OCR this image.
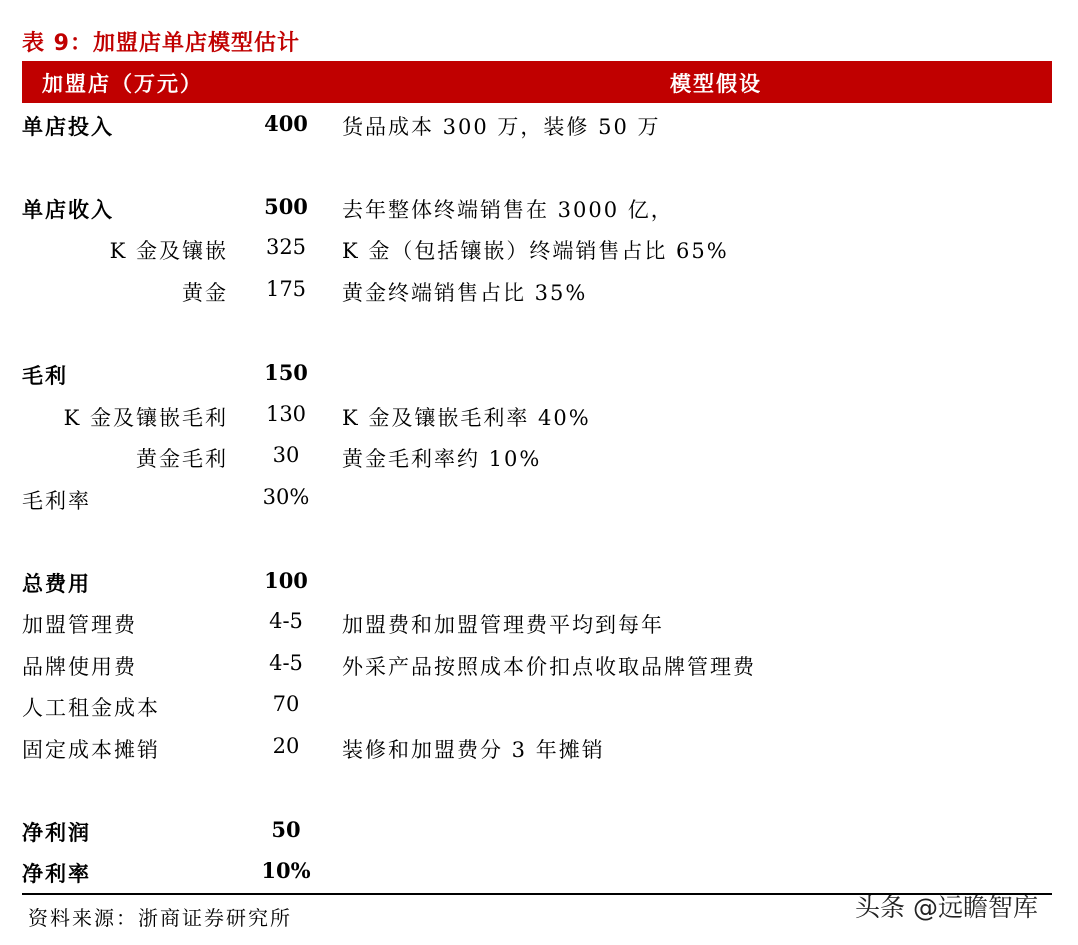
表 9：加盟店单店模型估计
加盟店（万元）	模型假设
单店投入	400	货品成本 300 万，装修 50 万
单店收入	500	去年整体终端销售在 3000 亿，
K 金及镶嵌	325	K 金（包括镶嵌）终端销售占比 65%
黄金	175	黄金终端销售占比 35%
毛利	150
K 金及镶嵌毛利	130	K 金及镶嵌毛利率 40%
黄金毛利	30	黄金毛利率约 10%
毛利率	30%
总费用	100
加盟管理费	4-5	加盟费和加盟管理费平均到每年
品牌使用费	4-5	外采产品按照成本价扣点收取品牌管理费
人工租金成本	70
固定成本摊销	20	装修和加盟费分 3 年摊销
净利润	50
净利率	10%
资料来源：浙商证券研究所	头条 @远瞻智库
